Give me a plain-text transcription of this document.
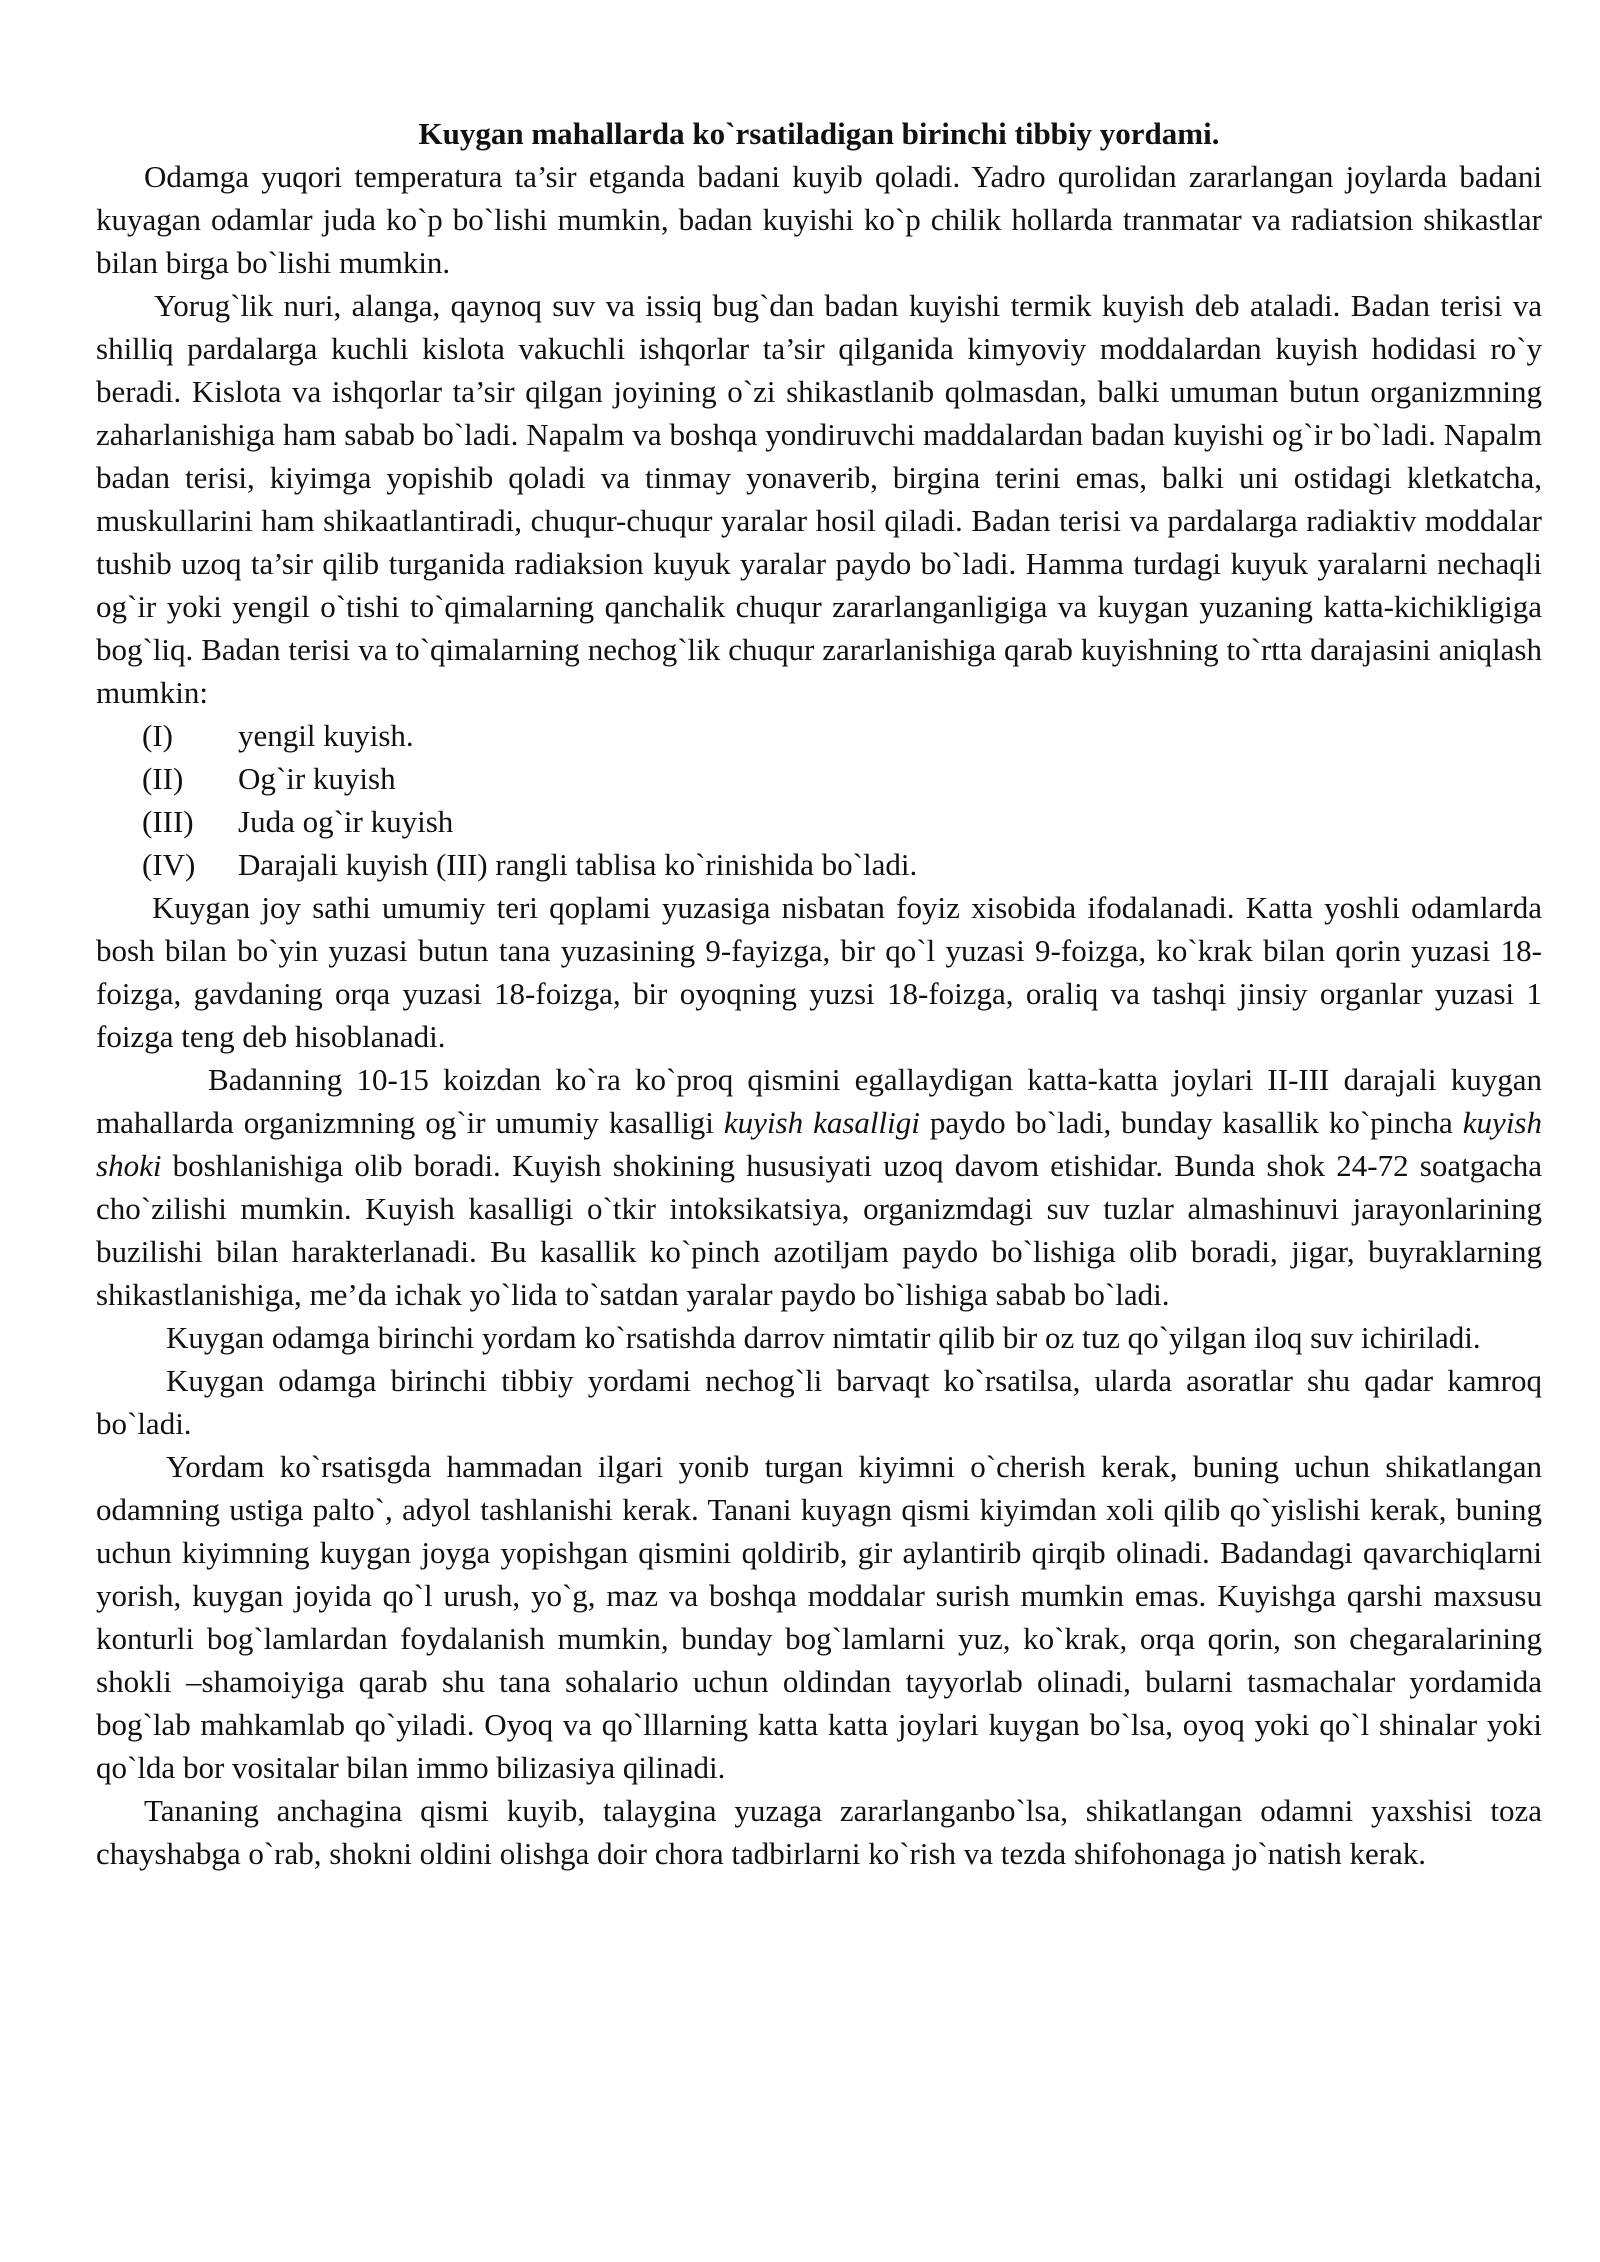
Kuygan mahallarda ko`rsatiladigan birinchi tibbiy yordami.

Odamga yuqori temperatura ta’sir etganda badani kuyib qoladi. Yadro qurolidan zararlangan joylarda badani kuyagan odamlar juda ko`p bo`lishi mumkin, badan kuyishi ko`p chilik hollarda tranmatar va radiatsion shikastlar bilan birga bo`lishi mumkin.

Yorug`lik nuri, alanga, qaynoq suv va issiq bug`dan badan kuyishi termik kuyish deb ataladi. Badan terisi va shilliq pardalarga kuchli kislota vakuchli ishqorlar ta’sir qilganida kimyoviy moddalardan kuyish hodidasi ro`y beradi. Kislota va ishqorlar ta’sir qilgan joyining o`zi shikastlanib qolmasdan, balki umuman butun organizmning zaharlanishiga ham sabab bo`ladi. Napalm va boshqa yondiruvchi maddalardan badan kuyishi og`ir bo`ladi. Napalm badan terisi, kiyimga yopishib qoladi va tinmay yonaverib, birgina terini emas, balki uni ostidagi kletkatcha, muskullarini ham shikaatlantiradi, chuqur-chuqur yaralar hosil qiladi. Badan terisi va pardalarga radiaktiv moddalar tushib uzoq ta’sir qilib turganida radiaksion kuyuk yaralar paydo bo`ladi. Hamma turdagi kuyuk yaralarni nechaqli og`ir yoki yengil o`tishi to`qimalarning qanchalik chuqur zararlanganligiga va kuygan yuzaning katta-kichikligiga bog`liq. Badan terisi va to`qimalarning nechog`lik chuqur zararlanishiga qarab kuyishning to`rtta darajasini aniqlash mumkin:

(I) yengil kuyish.
(II) Og`ir kuyish
(III) Juda og`ir kuyish
(IV) Darajali kuyish (III) rangli tablisa ko`rinishida bo`ladi.

Kuygan joy sathi umumiy teri qoplami yuzasiga nisbatan foyiz xisobida ifodalanadi. Katta yoshli odamlarda bosh bilan bo`yin yuzasi butun tana yuzasining 9-fayizga, bir qo`l yuzasi 9-foizga, ko`krak bilan qorin yuzasi 18-foizga, gavdaning orqa yuzasi 18-foizga, bir oyoqning yuzsi 18-foizga, oraliq va tashqi jinsiy organlar yuzasi 1 foizga teng deb hisoblanadi.

Badanning 10-15 koizdan ko`ra ko`proq qismini egallaydigan katta-katta joylari II-III darajali kuygan mahallarda organizmning og`ir umumiy kasalligi kuyish kasalligi paydo bo`ladi, bunday kasallik ko`pincha kuyish shoki boshlanishiga olib boradi. Kuyish shokining hususiyati uzoq davom etishidar. Bunda shok 24-72 soatgacha cho`zilishi mumkin. Kuyish kasalligi o`tkir intoksikatsiya, organizmdagi suv tuzlar almashinuvi jarayonlarining buzilishi bilan harakterlanadi. Bu kasallik ko`pinch azotiljam paydo bo`lishiga olib boradi, jigar, buyraklarning shikastlanishiga, me’da ichak yo`lida to`satdan yaralar paydo bo`lishiga sabab bo`ladi.

Kuygan odamga birinchi yordam ko`rsatishda darrov nimtatir qilib bir oz tuz qo`yilgan iloq suv ichiriladi.

Kuygan odamga birinchi tibbiy yordami nechog`li barvaqt ko`rsatilsa, ularda asoratlar shu qadar kamroq bo`ladi.

Yordam ko`rsatisgda hammadan ilgari yonib turgan kiyimni o`cherish kerak, buning uchun shikatlangan odamning ustiga palto`, adyol tashlanishi kerak. Tanani kuyagn qismi kiyimdan xoli qilib qo`yislishi kerak, buning uchun kiyimning kuygan joyga yopishgan qismini qoldirib, gir aylantirib qirqib olinadi. Badandagi qavarchiqlarni yorish, kuygan joyida qo`l urush, yo`g, maz va boshqa moddalar surish mumkin emas. Kuyishga qarshi maxsusu konturli bog`lamlardan foydalanish mumkin, bunday bog`lamlarni yuz, ko`krak, orqa qorin, son chegaralarining shokli –shamoiyiga qarab shu tana sohalario uchun oldindan tayyorlab olinadi, bularni tasmachalar yordamida bog`lab mahkamlab qo`yiladi. Oyoq va qo`lllarning katta katta joylari kuygan bo`lsa, oyoq yoki qo`l shinalar yoki qo`lda bor vositalar bilan immo bilizasiya qilinadi.

Tananing anchagina qismi kuyib, talaygina yuzaga zararlanganbo`lsa, shikatlangan odamni yaxshisi toza chayshabga o`rab, shokni oldini olishga doir chora tadbirlarni ko`rish va tezda shifohonaga jo`natish kerak.
